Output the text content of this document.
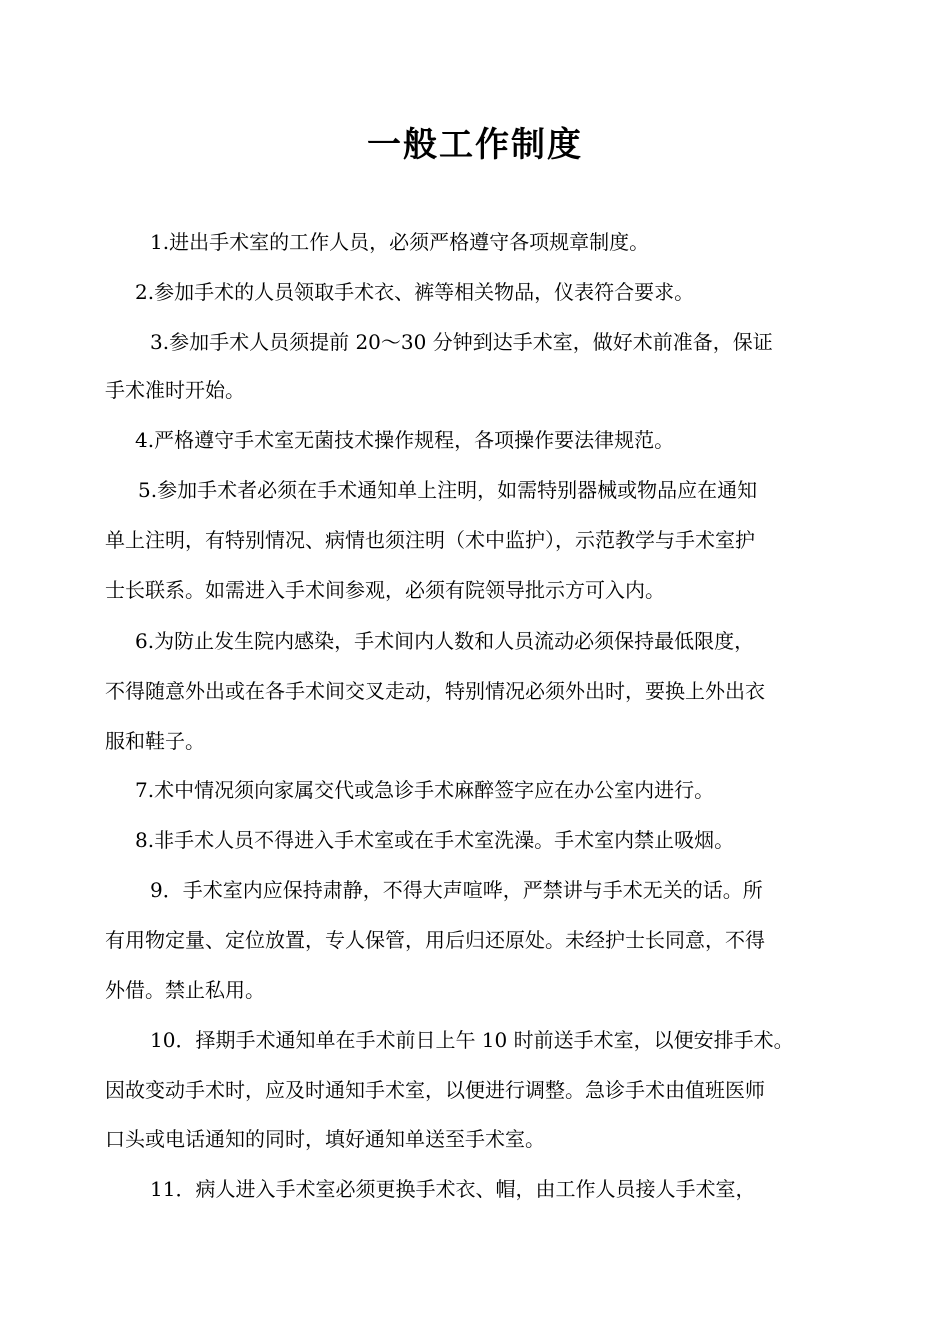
一般工作制度
1.进出手术室的工作人员，必须严格遵守各项规章制度。
2.参加手术的人员领取手术衣、裤等相关物品，仪表符合要求。
3.参加手术人员须提前 20～30 分钟到达手术室，做好术前准备，保证
手术准时开始。
4.严格遵守手术室无菌技术操作规程，各项操作要法律规范。
5.参加手术者必须在手术通知单上注明，如需特别器械或物品应在通知
单上注明，有特别情况、病情也须注明（术中监护），示范教学与手术室护
士长联系。如需进入手术间参观，必须有院领导批示方可入内。
6.为防止发生院内感染，手术间内人数和人员流动必须保持最低限度，
不得随意外出或在各手术间交叉走动，特别情况必须外出时，要换上外出衣
服和鞋子。
7.术中情况须向家属交代或急诊手术麻醉签字应在办公室内进行。
8.非手术人员不得进入手术室或在手术室洗澡。手术室内禁止吸烟。
9．手术室内应保持肃静，不得大声喧哗，严禁讲与手术无关的话。所
有用物定量、定位放置，专人保管，用后归还原处。未经护士长同意，不得
外借。禁止私用。
10．择期手术通知单在手术前日上午 10 时前送手术室，以便安排手术。
因故变动手术时，应及时通知手术室，以便进行调整。急诊手术由值班医师
口头或电话通知的同时，填好通知单送至手术室。
11．病人进入手术室必须更换手术衣、帽，由工作人员接人手术室，
